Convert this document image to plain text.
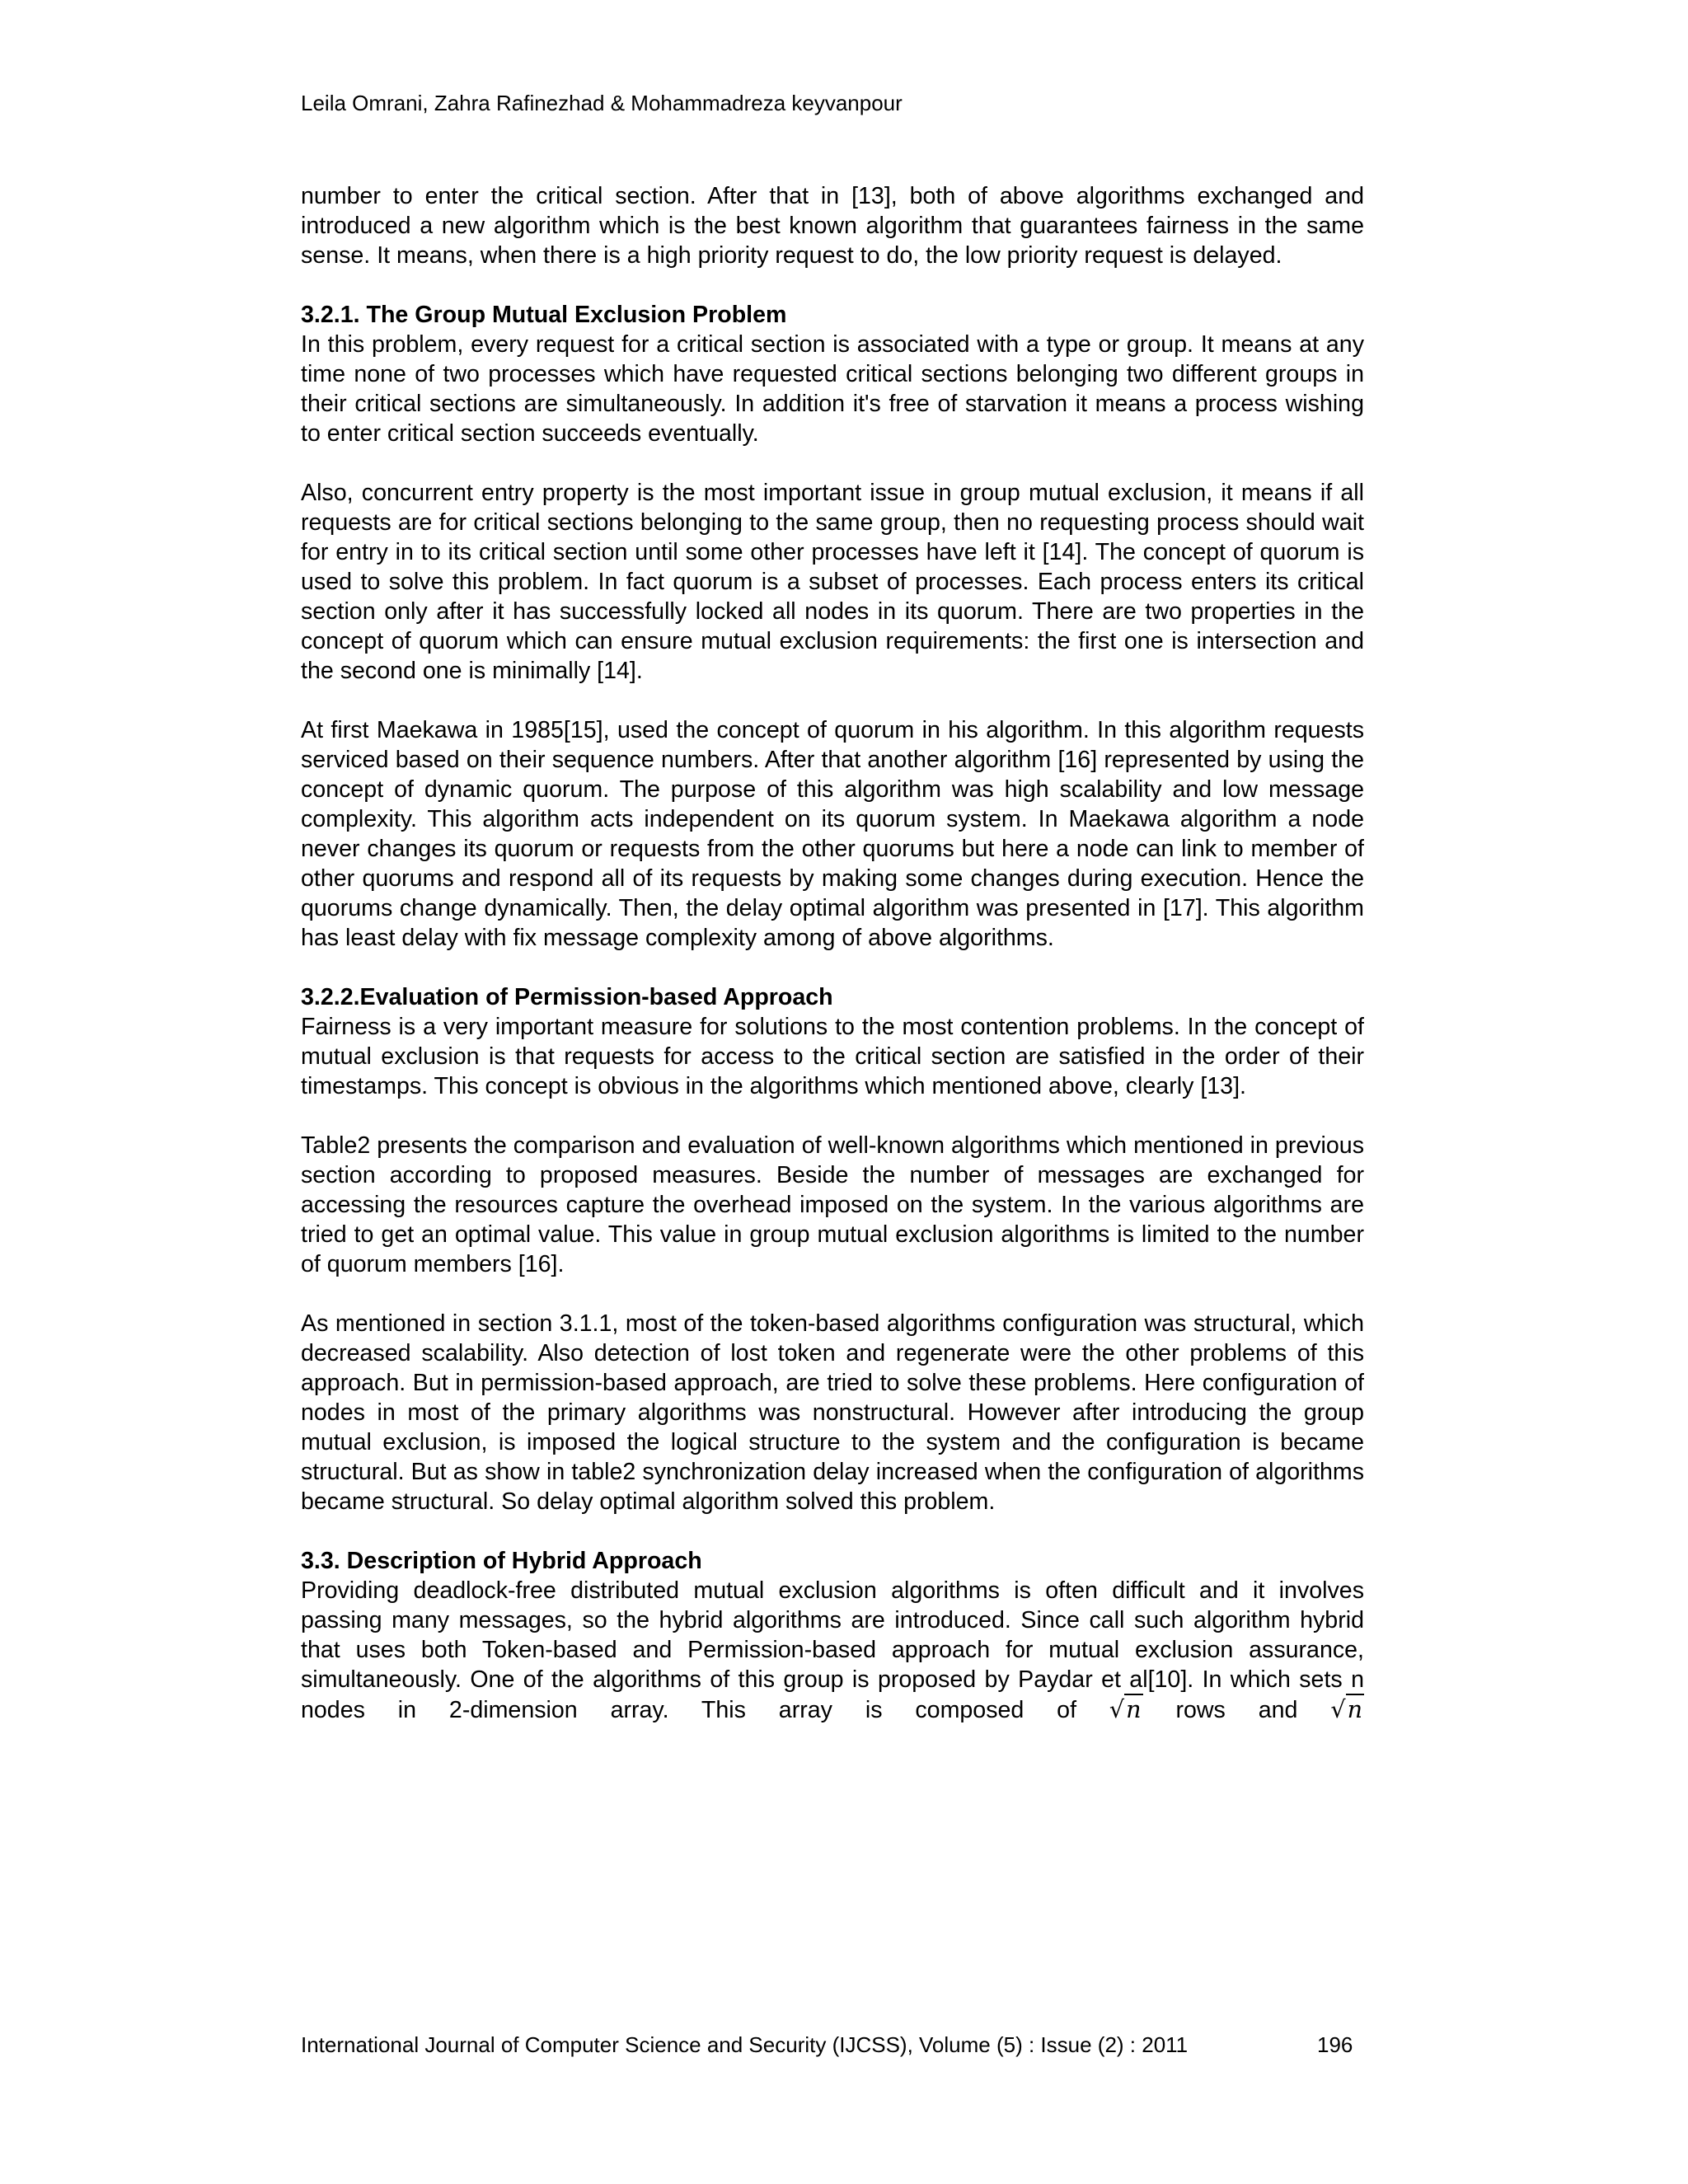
Leila Omrani, Zahra Rafinezhad & Mohammadreza keyvanpour

number to enter the critical section. After that in [13], both of above algorithms exchanged and introduced a new algorithm which is the best known algorithm that guarantees fairness in the same sense. It means, when there is a high priority request to do, the low priority request is delayed.

3.2.1. The Group Mutual Exclusion Problem

In this problem, every request for a critical section is associated with a type or group. It means at any time none of two processes which have requested critical sections belonging two different groups in their critical sections are simultaneously. In addition it's free of starvation it means a process wishing to enter critical section succeeds eventually.

Also, concurrent entry property is the most important issue in group mutual exclusion, it means if all requests are for critical sections belonging to the same group, then no requesting process should wait for entry in to its critical section until some other processes have left it [14]. The concept of quorum is used to solve this problem. In fact quorum is a subset of processes. Each process enters its critical section only after it has successfully locked all nodes in its quorum. There are two properties in the concept of quorum which can ensure mutual exclusion requirements: the first one is intersection and the second one is minimally [14].

At first Maekawa in 1985[15], used the concept of quorum in his algorithm. In this algorithm requests serviced based on their sequence numbers. After that another algorithm [16] represented by using the concept of dynamic quorum. The purpose of this algorithm was high scalability and low message complexity. This algorithm acts independent on its quorum system. In Maekawa algorithm a node never changes its quorum or requests from the other quorums but here a node can link to member of other quorums and respond all of its requests by making some changes during execution. Hence the quorums change dynamically. Then, the delay optimal algorithm was presented in [17]. This algorithm has least delay with fix message complexity among of above algorithms.

3.2.2.Evaluation of Permission-based Approach

Fairness is a very important measure for solutions to the most contention problems. In the concept of mutual exclusion is that requests for access to the critical section are satisfied in the order of their timestamps. This concept is obvious in the algorithms which mentioned above, clearly [13].

Table2 presents the comparison and evaluation of well-known algorithms which mentioned in previous section according to proposed measures. Beside the number of messages are exchanged for accessing the resources capture the overhead imposed on the system. In the various algorithms are tried to get an optimal value. This value in group mutual exclusion algorithms is limited to the number of quorum members [16].

As mentioned in section 3.1.1, most of the token-based algorithms configuration was structural, which decreased scalability. Also detection of lost token and regenerate were the other problems of this approach. But in permission-based approach, are tried to solve these problems. Here configuration of nodes in most of the primary algorithms was nonstructural. However after introducing the group mutual exclusion, is imposed the logical structure to the system and the configuration is became structural. But as show in table2 synchronization delay increased when the configuration of algorithms became structural. So delay optimal algorithm solved this problem.

3.3. Description of Hybrid Approach

Providing deadlock-free distributed mutual exclusion algorithms is often difficult and it involves passing many messages, so the hybrid algorithms are introduced. Since call such algorithm hybrid that uses both Token-based and Permission-based approach for mutual exclusion assurance, simultaneously. One of the algorithms of this group is proposed by Paydar et al[10]. In which sets n nodes in 2-dimension array. This array is composed of √n rows and √n

International Journal of Computer Science and Security (IJCSS), Volume (5) : Issue (2) : 2011	196
